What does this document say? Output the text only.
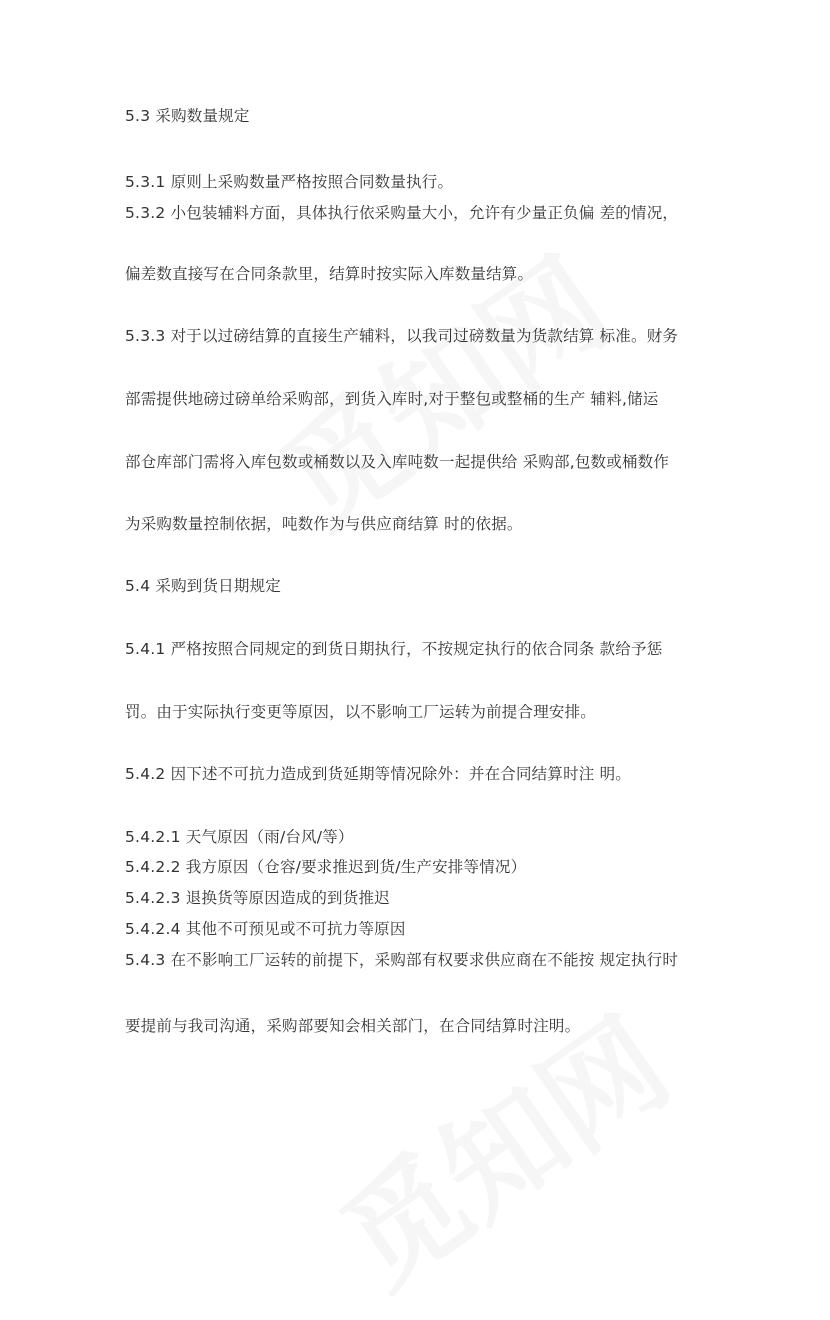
5.3 采购数量规定
5.3.1 原则上采购数量严格按照合同数量执行。
5.3.2 小包装辅料方面，具体执行依采购量大小，允许有少量正负偏 差的情况，
偏差数直接写在合同条款里，结算时按实际入库数量结算。
5.3.3 对于以过磅结算的直接生产辅料，以我司过磅数量为货款结算 标准。财务
部需提供地磅过磅单给采购部，到货入库时,对于整包或整桶的生产 辅料,储运
部仓库部门需将入库包数或桶数以及入库吨数一起提供给 采购部,包数或桶数作
为采购数量控制依据，吨数作为与供应商结算 时的依据。
5.4 采购到货日期规定
5.4.1 严格按照合同规定的到货日期执行，不按规定执行的依合同条 款给予惩
罚。由于实际执行变更等原因，以不影响工厂运转为前提合理安排。
5.4.2 因下述不可抗力造成到货延期等情况除外：并在合同结算时注 明。
5.4.2.1 天气原因（雨/台风/等）
5.4.2.2 我方原因（仓容/要求推迟到货/生产安排等情况）
5.4.2.3 退换货等原因造成的到货推迟
5.4.2.4 其他不可预见或不可抗力等原因
5.4.3 在不影响工厂运转的前提下，采购部有权要求供应商在不能按 规定执行时
要提前与我司沟通，采购部要知会相关部门，在合同结算时注明。
